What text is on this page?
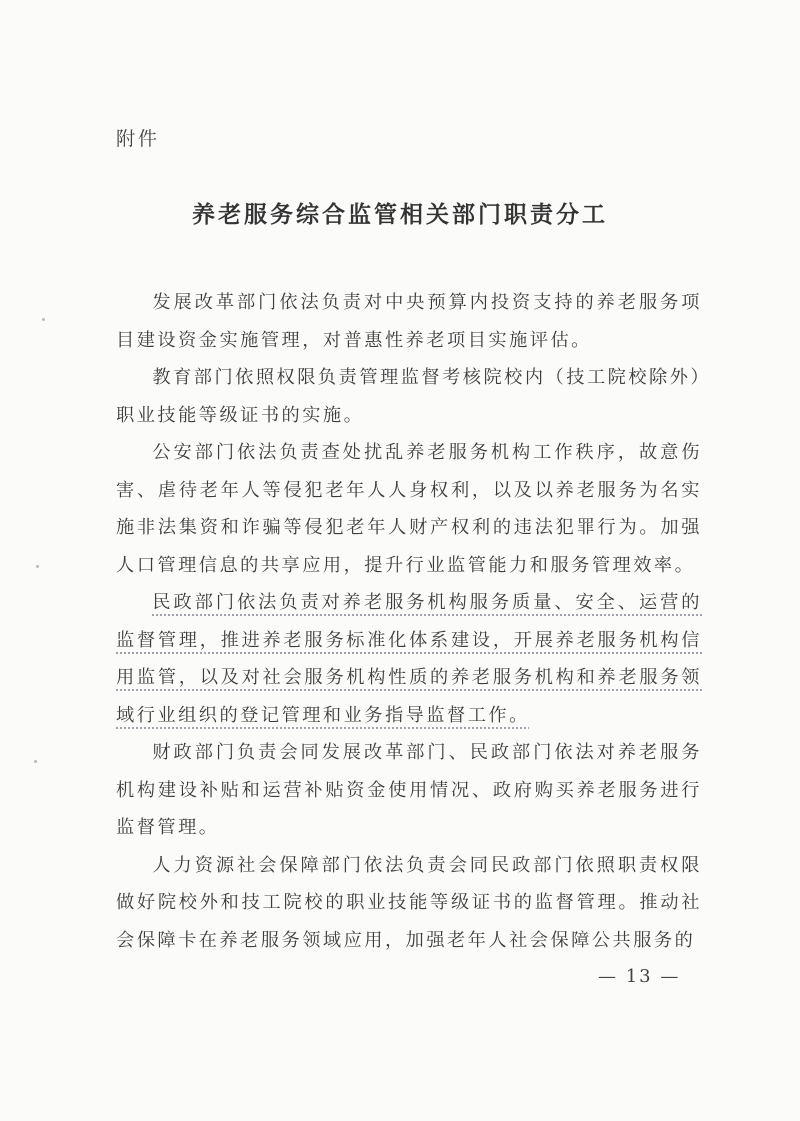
附件
养老服务综合监管相关部门职责分工

发展改革部门依法负责对中央预算内投资支持的养老服务项目建设资金实施管理，对普惠性养老项目实施评估。

教育部门依照权限负责管理监督考核院校内（技工院校除外）职业技能等级证书的实施。

公安部门依法负责查处扰乱养老服务机构工作秩序，故意伤害、虐待老年人等侵犯老年人人身权利，以及以养老服务为名实施非法集资和诈骗等侵犯老年人财产权利的违法犯罪行为。加强人口管理信息的共享应用，提升行业监管能力和服务管理效率。

民政部门依法负责对养老服务机构服务质量、安全、运营的监督管理，推进养老服务标准化体系建设，开展养老服务机构信用监管，以及对社会服务机构性质的养老服务机构和养老服务领域行业组织的登记管理和业务指导监督工作。

财政部门负责会同发展改革部门、民政部门依法对养老服务机构建设补贴和运营补贴资金使用情况、政府购买养老服务进行监督管理。

人力资源社会保障部门依法负责会同民政部门依照职责权限做好院校外和技工院校的职业技能等级证书的监督管理。推动社会保障卡在养老服务领域应用，加强老年人社会保障公共服务的

— 13 —
